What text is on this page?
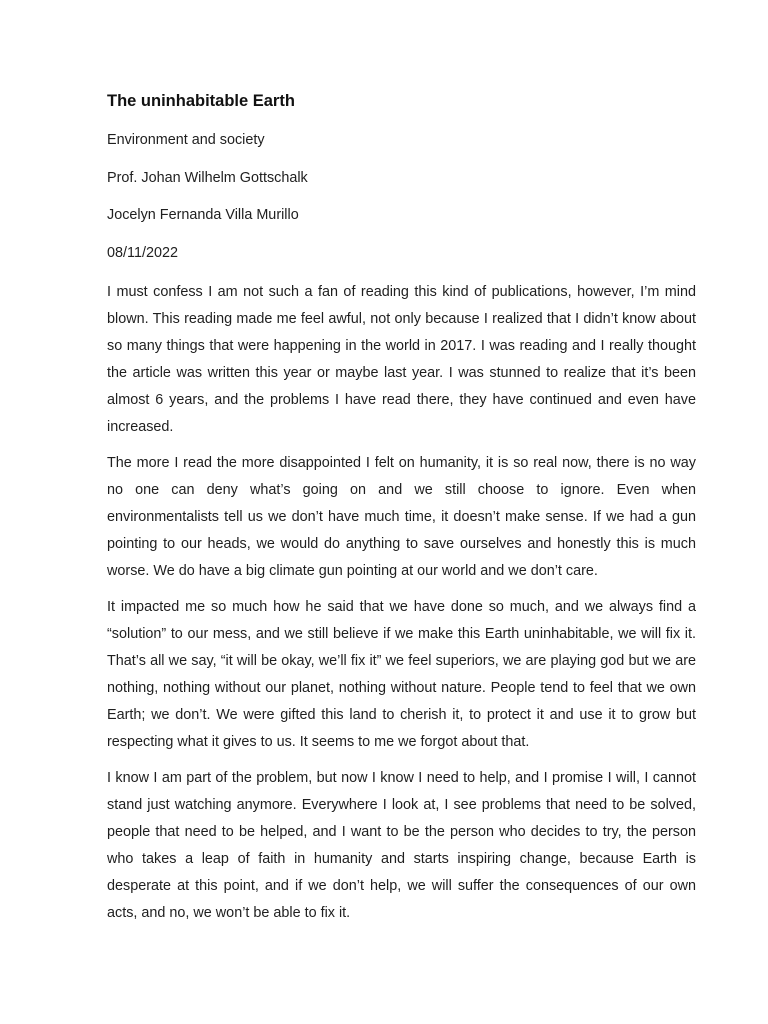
The uninhabitable Earth

Environment and society

Prof. Johan Wilhelm Gottschalk

Jocelyn Fernanda Villa Murillo

08/11/2022

I must confess I am not such a fan of reading this kind of publications, however, I’m mind blown. This reading made me feel awful, not only because I realized that I didn’t know about so many things that were happening in the world in 2017. I was reading and I really thought the article was written this year or maybe last year. I was stunned to realize that it’s been almost 6 years, and the problems I have read there, they have continued and even have increased.

The more I read the more disappointed I felt on humanity, it is so real now, there is no way no one can deny what’s going on and we still choose to ignore. Even when environmentalists tell us we don’t have much time, it doesn’t make sense. If we had a gun pointing to our heads, we would do anything to save ourselves and honestly this is much worse. We do have a big climate gun pointing at our world and we don’t care.

It impacted me so much how he said that we have done so much, and we always find a “solution” to our mess, and we still believe if we make this Earth uninhabitable, we will fix it. That’s all we say, “it will be okay, we’ll fix it” we feel superiors, we are playing god but we are nothing, nothing without our planet, nothing without nature. People tend to feel that we own Earth; we don’t. We were gifted this land to cherish it, to protect it and use it to grow but respecting what it gives to us. It seems to me we forgot about that.

I know I am part of the problem, but now I know I need to help, and I promise I will, I cannot stand just watching anymore. Everywhere I look at, I see problems that need to be solved, people that need to be helped, and I want to be the person who decides to try, the person who takes a leap of faith in humanity and starts inspiring change, because Earth is desperate at this point, and if we don’t help, we will suffer the consequences of our own acts, and no, we won’t be able to fix it.
